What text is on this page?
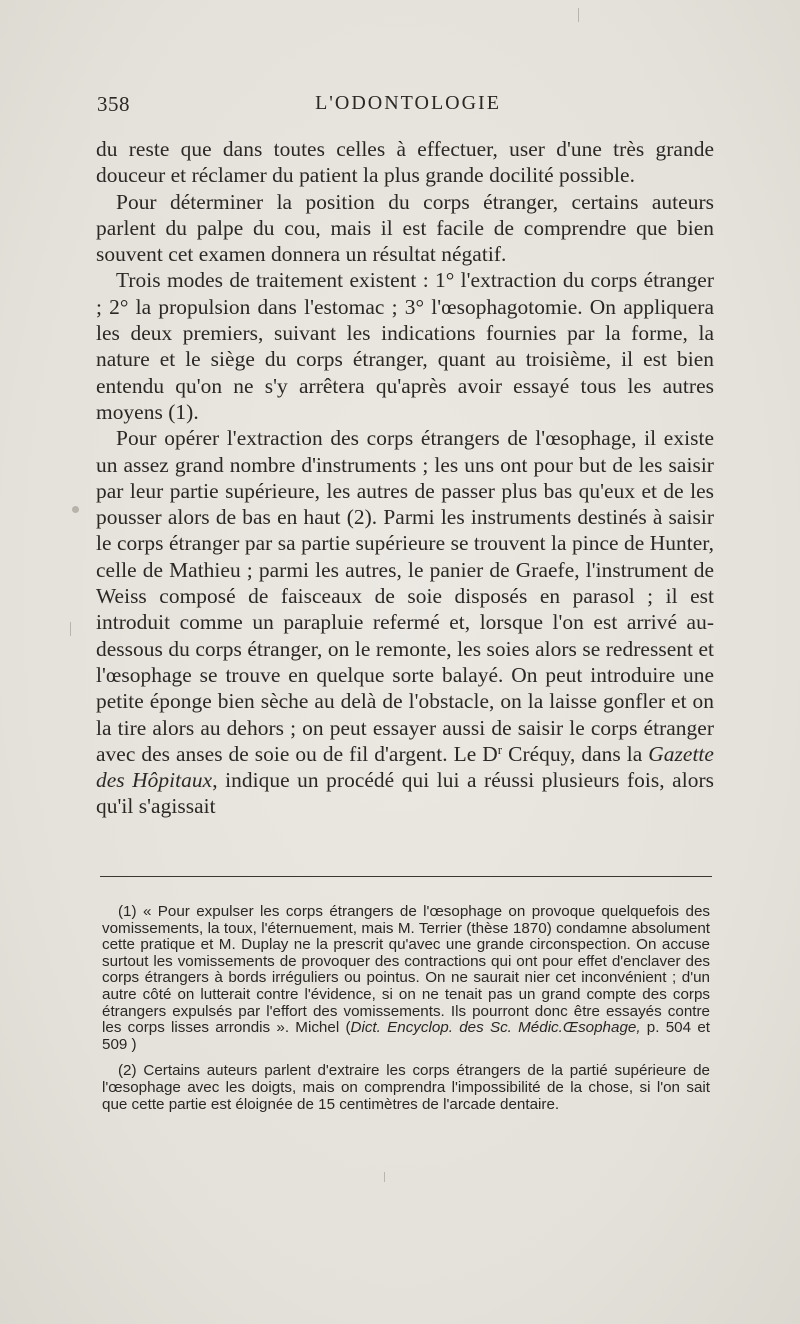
358	L'ODONTOLOGIE

du reste que dans toutes celles à effectuer, user d'une très grande douceur et réclamer du patient la plus grande docilité possible.

Pour déterminer la position du corps étranger, certains auteurs parlent du palpe du cou, mais il est facile de comprendre que bien souvent cet examen donnera un résultat négatif.

Trois modes de traitement existent : 1° l'extraction du corps étranger ; 2° la propulsion dans l'estomac ; 3° l'œsophagotomie. On appliquera les deux premiers, suivant les indications fournies par la forme, la nature et le siège du corps étranger, quant au troisième, il est bien entendu qu'on ne s'y arrêtera qu'après avoir essayé tous les autres moyens (1).

Pour opérer l'extraction des corps étrangers de l'œsophage, il existe un assez grand nombre d'instruments ; les uns ont pour but de les saisir par leur partie supérieure, les autres de passer plus bas qu'eux et de les pousser alors de bas en haut (2). Parmi les instruments destinés à saisir le corps étranger par sa partie supérieure se trouvent la pince de Hunter, celle de Mathieu ; parmi les autres, le panier de Graefe, l'instrument de Weiss composé de faisceaux de soie disposés en parasol ; il est introduit comme un parapluie refermé et, lorsque l'on est arrivé au-dessous du corps étranger, on le remonte, les soies alors se redressent et l'œsophage se trouve en quelque sorte balayé. On peut introduire une petite éponge bien sèche au delà de l'obstacle, on la laisse gonfler et on la tire alors au dehors ; on peut essayer aussi de saisir le corps étranger avec des anses de soie ou de fil d'argent. Le $D^r$ Créquy, dans la Gazette des Hôpitaux, indique un procédé qui lui a réussi plusieurs fois, alors qu'il s'agissait

(1) « Pour expulser les corps étrangers de l'œsophage on provoque quelquefois des vomissements, la toux, l'éternuement, mais M. Terrier (thèse 1870) condamne absolument cette pratique et M. Duplay ne la prescrit qu'avec une grande circonspection. On accuse surtout les vomissements de provoquer des contractions qui ont pour effet d'enclaver des corps étrangers à bords irréguliers ou pointus. On ne saurait nier cet inconvénient ; d'un autre côté on lutterait contre l'évidence, si on ne tenait pas un grand compte des corps étrangers expulsés par l'effort des vomissements. Ils pourront donc être essayés contre les corps lisses arrondis ». Michel (Dict. Encyclop. des Sc. Médic.Œsophage, p. 504 et 509 )

(2) Certains auteurs parlent d'extraire les corps étrangers de la partié supérieure de l'œsophage avec les doigts, mais on comprendra l'impossibilité de la chose, si l'on sait que cette partie est éloignée de 15 centimètres de l'arcade dentaire.
